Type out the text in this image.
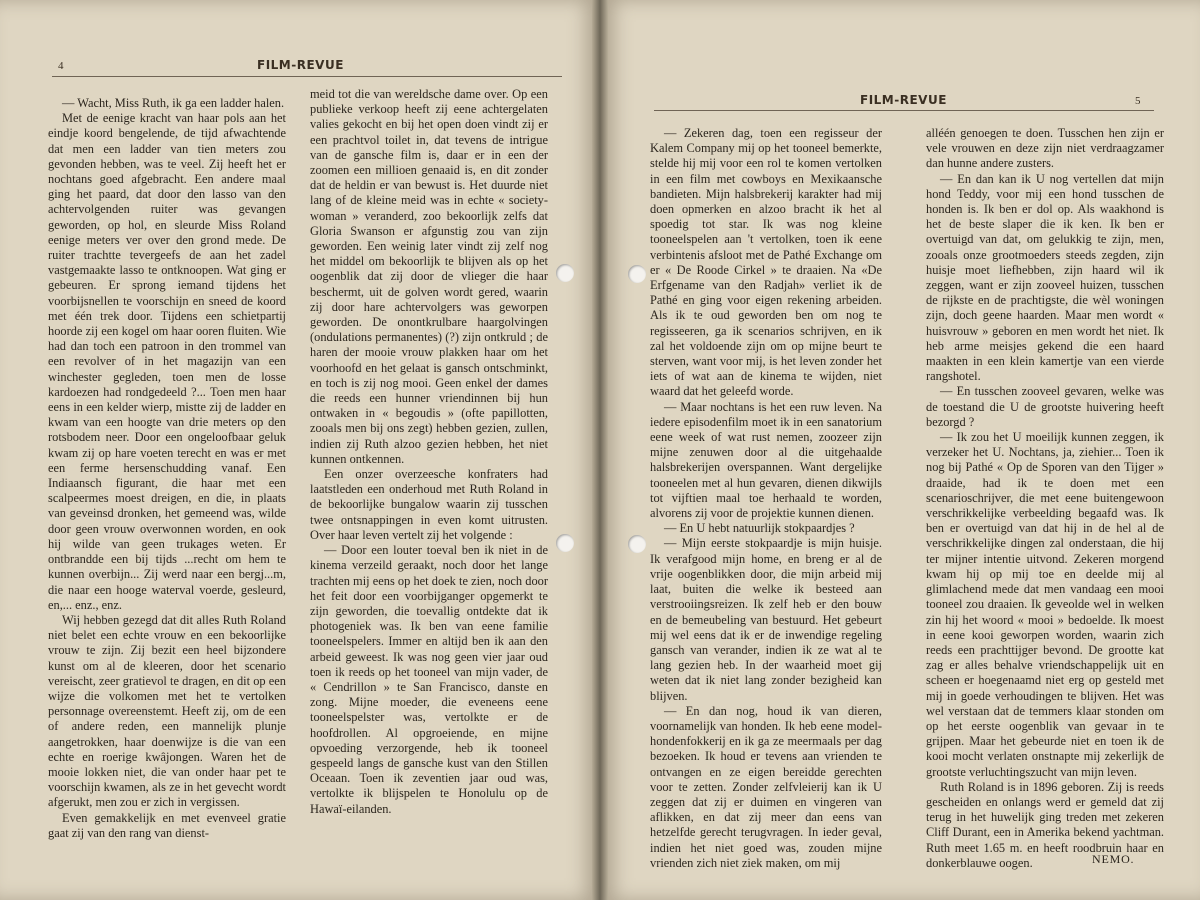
4	FILM-REVUE

— Wacht, Miss Ruth, ik ga een ladder halen.

Met de eenige kracht van haar pols aan het eindje koord bengelende, de tijd afwachtende dat men een ladder van tien meters zou gevonden hebben, was te veel. Zij heeft het er nochtans goed afgebracht. Een andere maal ging het paard, dat door den lasso van den achtervolgenden ruiter was gevangen geworden, op hol, en sleurde Miss Roland eenige meters ver over den grond mede. De ruiter trachtte tevergeefs de aan het zadel vastgemaakte lasso te ontknoopen. Wat ging er gebeuren. Er sprong iemand tijdens het voorbijsnellen te voorschijn en sneed de koord met één trek door. Tijdens een schietpartij hoorde zij een kogel om haar ooren fluiten. Wie had dan toch een patroon in den trommel van een revolver of in het magazijn van een winchester gegleden, toen men de losse kardoezen had rondgedeeld ?... Toen men haar eens in een kelder wierp, mistte zij de ladder en kwam van een hoogte van drie meters op den rotsbodem neer. Door een ongeloofbaar geluk kwam zij op hare voeten terecht en was er met een ferme hersenschudding vanaf. Een Indiaansch figurant, die haar met een scalpeermes moest dreigen, en die, in plaats van geveinsd dronken, het gemeend was, wilde door geen vrouw overwonnen worden, en ook hij wilde van geen trukages weten. Er ontbrandde een bij tijds ...recht om hem te kunnen overbijn... Zij werd naar een bergj...m, die naar een hooge waterval voerde, gesleurd, en,... enz., enz.

Wij hebben gezegd dat dit alles Ruth Roland niet belet een echte vrouw en een bekoorlijke vrouw te zijn. Zij bezit een heel bijzondere kunst om al de kleeren, door het scenario vereischt, zeer gratievol te dragen, en dit op een wijze die volkomen met het te vertolken personnage overeenstemt. Heeft zij, om de een of andere reden, een mannelijk plunje aangetrokken, haar doenwijze is die van een echte en roerige kwâjongen. Waren het de mooie lokken niet, die van onder haar pet te voorschijn kwamen, als ze in het gevecht wordt afgerukt, men zou er zich in vergissen.

Even gemakkelijk en met evenveel gratie gaat zij van den rang van dienst-

meid tot die van wereldsche dame over. Op een publieke verkoop heeft zij eene achtergelaten valies gekocht en bij het open doen vindt zij er een prachtvol toilet in, dat tevens de intrigue van de gansche film is, daar er in een der zoomen een millioen genaaid is, en dit zonder dat de heldin er van bewust is. Het duurde niet lang of de kleine meid was in echte « society-woman » veranderd, zoo bekoorlijk zelfs dat Gloria Swanson er afgunstig zou van zijn geworden. Een weinig later vindt zij zelf nog het middel om bekoorlijk te blijven als op het oogenblik dat zij door de vlieger die haar beschermt, uit de golven wordt gered, waarin zij door hare achtervolgers was geworpen geworden. De onontkrulbare haargolvingen (ondulations permanentes) (?) zijn ontkruld ; de haren der mooie vrouw plakken haar om het voorhoofd en het gelaat is gansch ontschminkt, en toch is zij nog mooi. Geen enkel der dames die reeds een hunner vriendinnen bij hun ontwaken in « begoudis » (ofte papillotten, zooals men bij ons zegt) hebben gezien, zullen, indien zij Ruth alzoo gezien hebben, het niet kunnen ontkennen.

Een onzer overzeesche konfraters had laatstleden een onderhoud met Ruth Roland in de bekoorlijke bungalow waarin zij tusschen twee ontsnappingen in even komt uitrusten. Over haar leven vertelt zij het volgende :

— Door een louter toeval ben ik niet in de kinema verzeild geraakt, noch door het lange trachten mij eens op het doek te zien, noch door het feit door een voorbijganger opgemerkt te zijn geworden, die toevallig ontdekte dat ik photogeniek was. Ik ben van eene familie tooneelspelers. Immer en altijd ben ik aan den arbeid geweest. Ik was nog geen vier jaar oud toen ik reeds op het tooneel van mijn vader, de « Cendrillon » te San Francisco, danste en zong. Mijne moeder, die eveneens eene tooneelspelster was, vertolkte er de hoofdrollen. Al opgroeiende, en mijne opvoeding verzorgende, heb ik tooneel gespeeld langs de gansche kust van den Stillen Oceaan. Toen ik zeventien jaar oud was, vertolkte ik blijspelen te Honolulu op de Hawaï-eilanden.

FILM-REVUE	5

— Zekeren dag, toen een regisseur der Kalem Company mij op het tooneel bemerkte, stelde hij mij voor een rol te komen vertolken in een film met cowboys en Mexikaansche bandieten. Mijn halsbrekerij karakter had mij doen opmerken en alzoo bracht ik het al spoedig tot star. Ik was nog kleine tooneelspelen aan 't vertolken, toen ik eene verbintenis afsloot met de Pathé Exchange om er « De Roode Cirkel » te draaien. Na «De Erfgename van den Radjah» verliet ik de Pathé en ging voor eigen rekening arbeiden. Als ik te oud geworden ben om nog te regisseeren, ga ik scenarios schrijven, en ik zal het voldoende zijn om op mijne beurt te sterven, want voor mij, is het leven zonder het iets of wat aan de kinema te wijden, niet waard dat het geleefd worde.

— Maar nochtans is het een ruw leven. Na iedere episodenfilm moet ik in een sanatorium eene week of wat rust nemen, zoozeer zijn mijne zenuwen door al die uitgehaalde halsbrekerijen overspannen. Want dergelijke tooneelen met al hun gevaren, dienen dikwijls tot vijftien maal toe herhaald te worden, alvorens zij voor de projektie kunnen dienen.

— En U hebt natuurlijk stokpaardjes ?

— Mijn eerste stokpaardje is mijn huisje. Ik verafgood mijn home, en breng er al de vrije oogenblikken door, die mijn arbeid mij laat, buiten die welke ik besteed aan verstrooiingsreizen. Ik zelf heb er den bouw en de bemeubeling van bestuurd. Het gebeurt mij wel eens dat ik er de inwendige regeling gansch van verander, indien ik ze wat al te lang gezien heb. In der waarheid moet gij weten dat ik niet lang zonder bezigheid kan blijven.

— En dan nog, houd ik van dieren, voornamelijk van honden. Ik heb eene model-hondenfokkerij en ik ga ze meermaals per dag bezoeken. Ik houd er tevens aan vrienden te ontvangen en ze eigen bereidde gerechten voor te zetten. Zonder zelfvleierij kan ik U zeggen dat zij er duimen en vingeren van aflikken, en dat zij meer dan eens van hetzelfde gerecht terugvragen. In ieder geval, indien het niet goed was, zouden mijne vrienden zich niet ziek maken, om mij

alléén genoegen te doen. Tusschen hen zijn er vele vrouwen en deze zijn niet verdraagzamer dan hunne andere zusters.

— En dan kan ik U nog vertellen dat mijn hond Teddy, voor mij een hond tusschen de honden is. Ik ben er dol op. Als waakhond is het de beste slaper die ik ken. Ik ben er overtuigd van dat, om gelukkig te zijn, men, zooals onze grootmoeders steeds zegden, zijn huisje moet liefhebben, zijn haard wil ik zeggen, want er zijn zooveel huizen, tusschen de rijkste en de prachtigste, die wèl woningen zijn, doch geene haarden. Maar men wordt « huisvrouw » geboren en men wordt het niet. Ik heb arme meisjes gekend die een haard maakten in een klein kamertje van een vierde rangshotel.

— En tusschen zooveel gevaren, welke was de toestand die U de grootste huivering heeft bezorgd ?

— Ik zou het U moeilijk kunnen zeggen, ik verzeker het U. Nochtans, ja, ziehier... Toen ik nog bij Pathé « Op de Sporen van den Tijger » draaide, had ik te doen met een scenarioschrijver, die met eene buitengewoon verschrikkelijke verbeelding begaafd was. Ik ben er overtuigd van dat hij in de hel al de verschrikkelijke dingen zal onderstaan, die hij ter mijner intentie uitvond. Zekeren morgend kwam hij op mij toe en deelde mij al glimlachend mede dat men vandaag een mooi tooneel zou draaien. Ik geveolde wel in welken zin hij het woord « mooi » bedoelde. Ik moest in eene kooi geworpen worden, waarin zich reeds een prachttijger bevond. De grootte kat zag er alles behalve vriendschappelijk uit en scheen er hoegenaamd niet erg op gesteld met mij in goede verhoudingen te blijven. Het was wel verstaan dat de temmers klaar stonden om op het eerste oogenblik van gevaar in te grijpen. Maar het gebeurde niet en toen ik de kooi mocht verlaten onstnapte mij zekerlijk de grootste verluchtingszucht van mijn leven.

Ruth Roland is in 1896 geboren. Zij is reeds gescheiden en onlangs werd er gemeld dat zij terug in het huwelijk ging treden met zekeren Cliff Durant, een in Amerika bekend yachtman. Ruth meet 1.65 m. en heeft roodbruin haar en donkerblauwe oogen.	NEMO.
